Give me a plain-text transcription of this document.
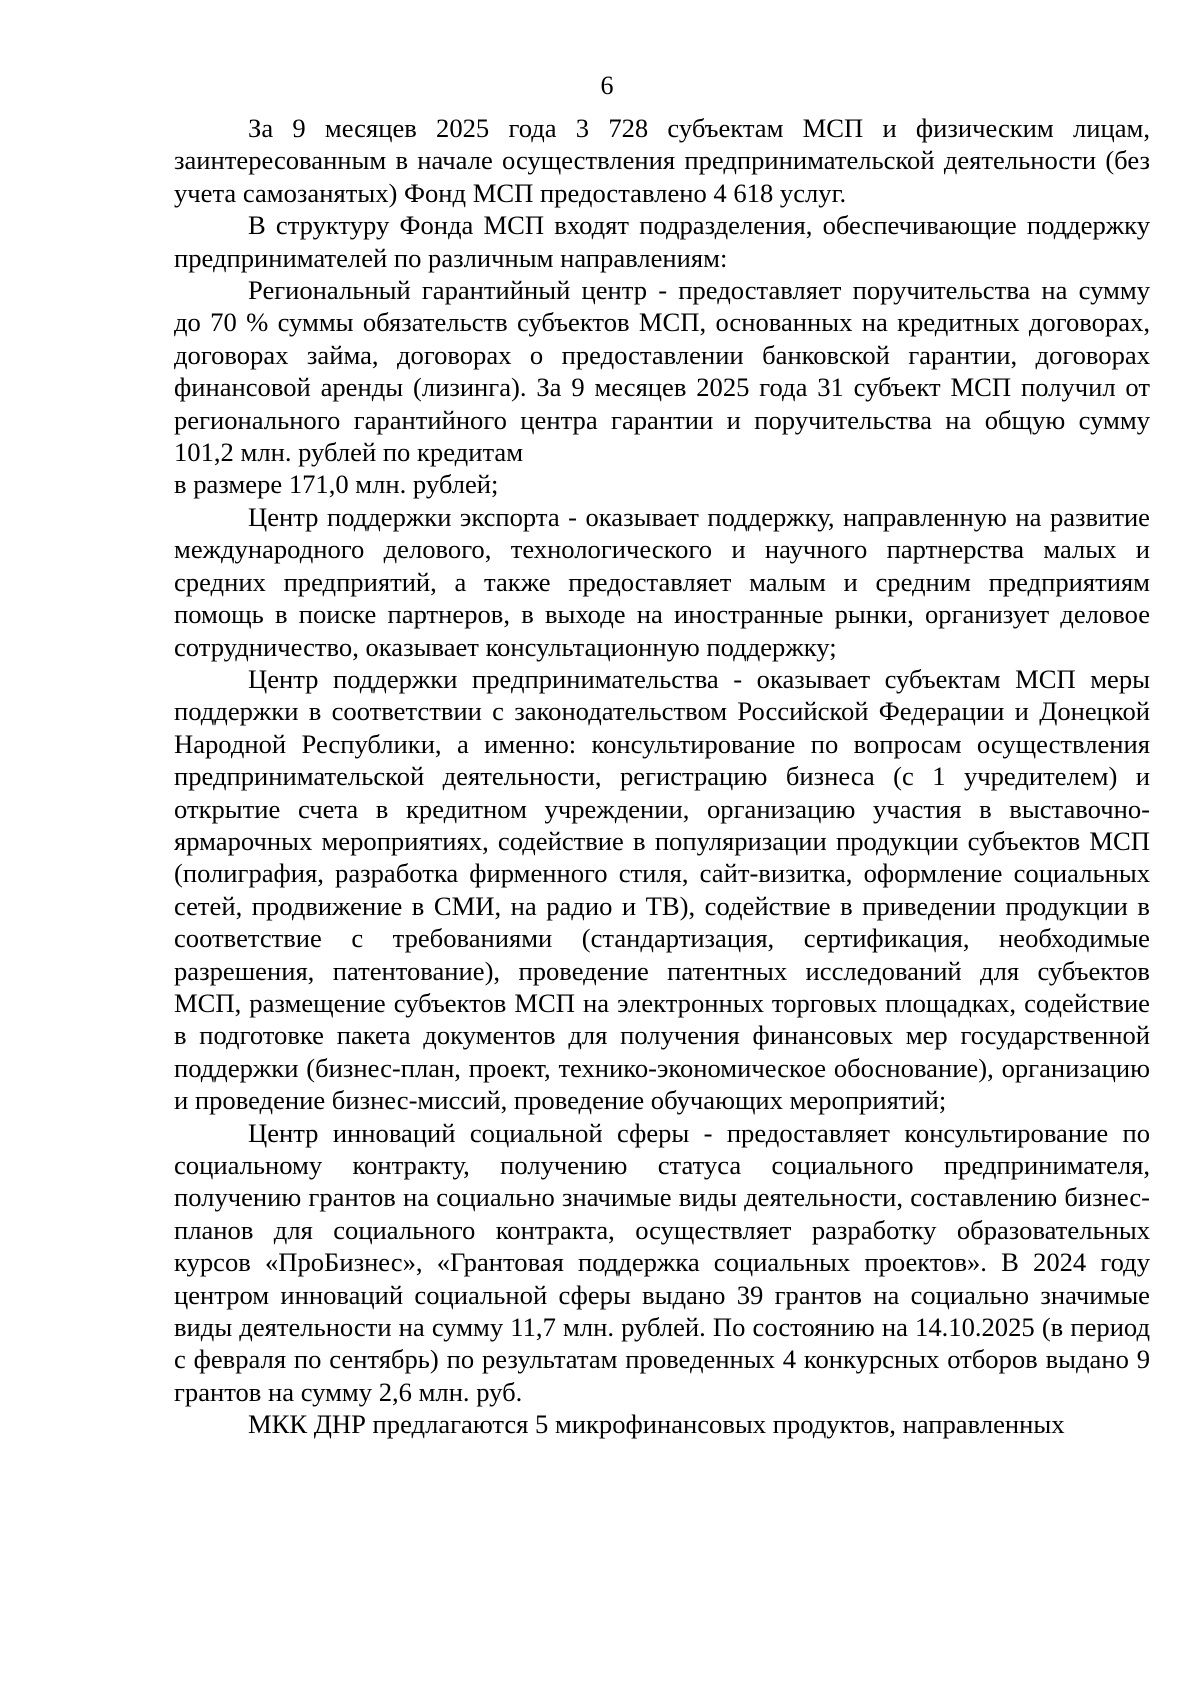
6

За 9 месяцев 2025 года 3 728 субъектам МСП и физическим лицам, заинтересованным в начале осуществления предпринимательской деятельности (без учета самозанятых) Фонд МСП предоставлено 4 618 услуг.

В структуру Фонда МСП входят подразделения, обеспечивающие поддержку предпринимателей по различным направлениям:

Региональный гарантийный центр - предоставляет поручительства на сумму до 70 % суммы обязательств субъектов МСП, основанных на кредитных договорах, договорах займа, договорах о предоставлении банковской гарантии, договорах финансовой аренды (лизинга). За 9 месяцев 2025 года 31 субъект МСП получил от регионального гарантийного центра гарантии и поручительства на общую сумму 101,2 млн. рублей по кредитам

в размере 171,0 млн. рублей;

Центр поддержки экспорта - оказывает поддержку, направленную на развитие международного делового, технологического и научного партнерства малых и средних предприятий, а также предоставляет малым и средним предприятиям помощь в поиске партнеров, в выходе на иностранные рынки, организует деловое сотрудничество, оказывает консультационную поддержку;

Центр поддержки предпринимательства - оказывает субъектам МСП меры поддержки в соответствии с законодательством Российской Федерации и Донецкой Народной Республики, а именно: консультирование по вопросам осуществления предпринимательской деятельности, регистрацию бизнеса (с 1 учредителем) и открытие счета в кредитном учреждении, организацию участия в выставочно-ярмарочных мероприятиях, содействие в популяризации продукции субъектов МСП (полиграфия, разработка фирменного стиля, сайт-визитка, оформление социальных сетей, продвижение в СМИ, на радио и ТВ), содействие в приведении продукции в соответствие с требованиями (стандартизация, сертификация, необходимые разрешения, патентование), проведение патентных исследований для субъектов МСП, размещение субъектов МСП на электронных торговых площадках, содействие в подготовке пакета документов для получения финансовых мер государственной поддержки (бизнес-план, проект, технико-экономическое обоснование), организацию и проведение бизнес-миссий, проведение обучающих мероприятий;

Центр инноваций социальной сферы - предоставляет консультирование по социальному контракту, получению статуса социального предпринимателя, получению грантов на социально значимые виды деятельности, составлению бизнес-планов для социального контракта, осуществляет разработку образовательных курсов «ПроБизнес», «Грантовая поддержка социальных проектов». В 2024 году центром инноваций социальной сферы выдано 39 грантов на социально значимые виды деятельности на сумму 11,7 млн. рублей. По состоянию на 14.10.2025 (в период с февраля по сентябрь) по результатам проведенных 4 конкурсных отборов выдано 9 грантов на сумму 2,6 млн. руб.

МКК ДНР предлагаются 5 микрофинансовых продуктов, направленных
